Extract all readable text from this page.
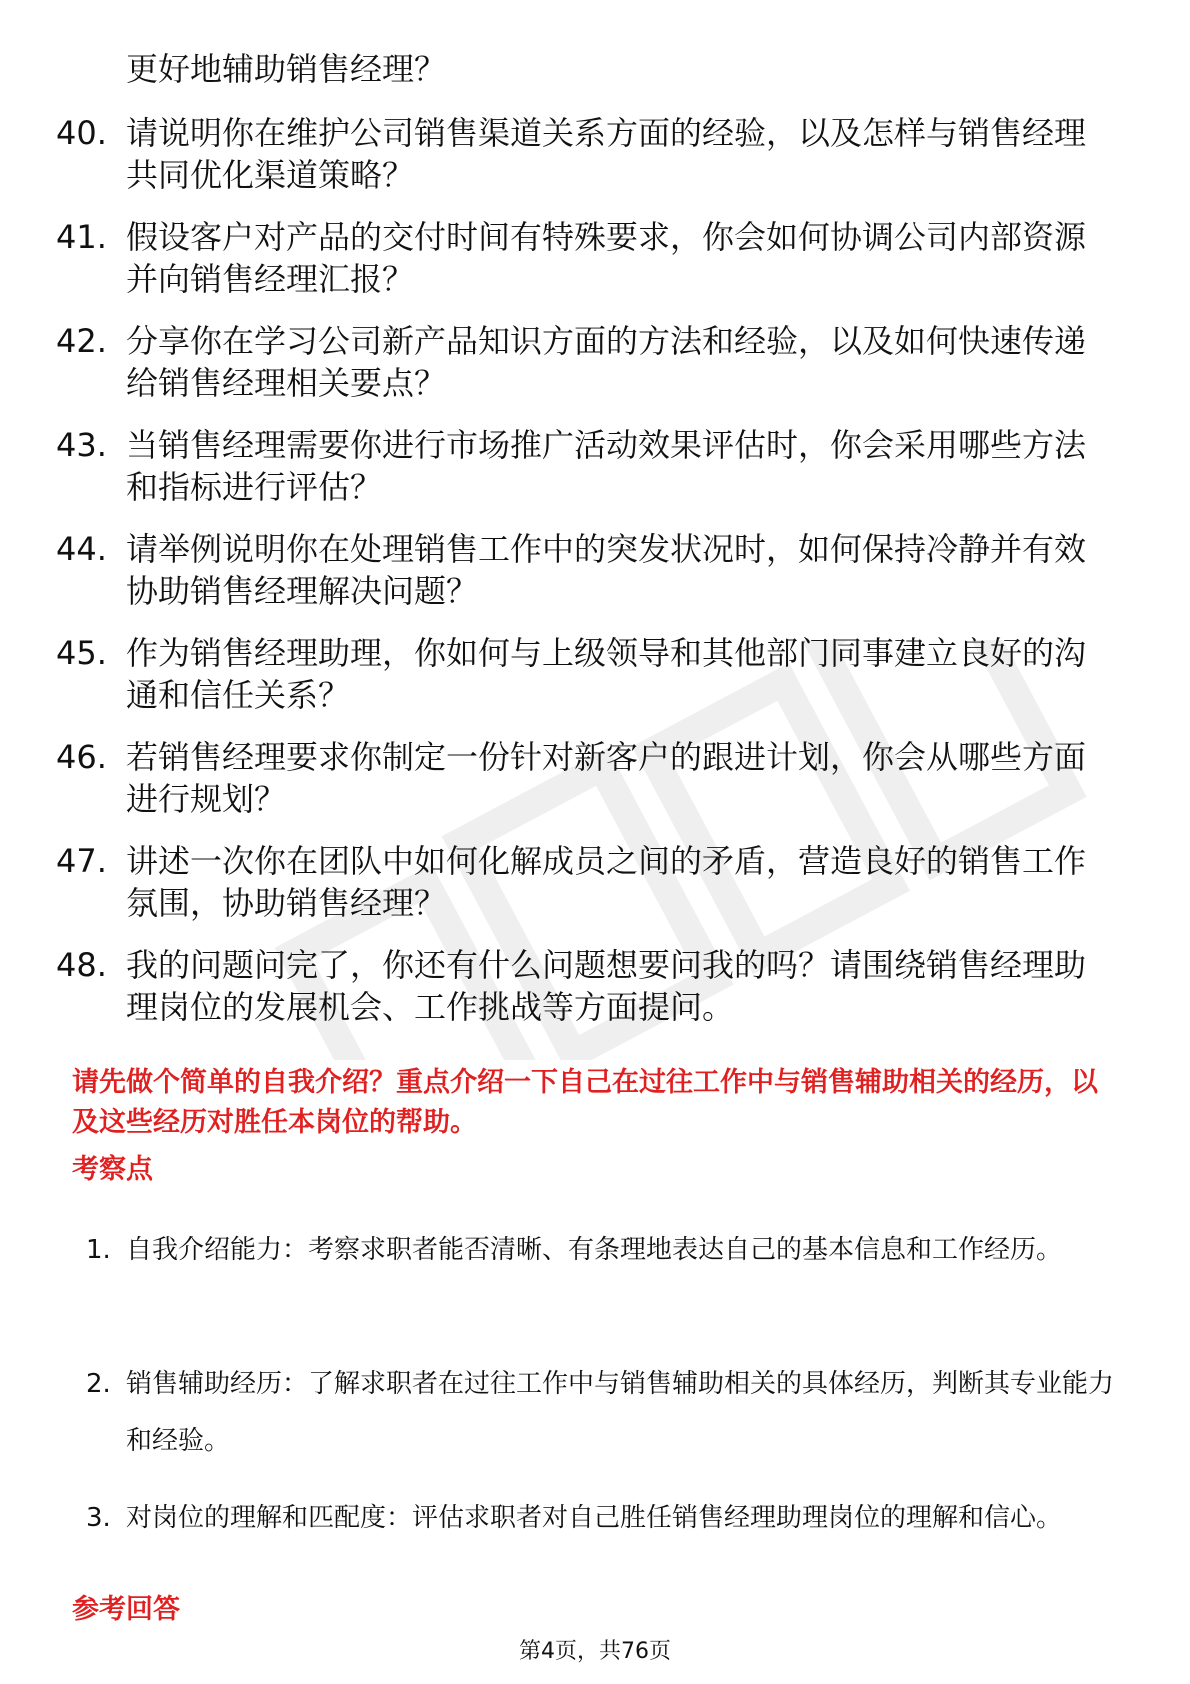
更好地辅助销售经理？

40. 请说明你在维护公司销售渠道关系方面的经验，以及怎样与销售经理共同优化渠道策略？

41. 假设客户对产品的交付时间有特殊要求，你会如何协调公司内部资源并向销售经理汇报？

42. 分享你在学习公司新产品知识方面的方法和经验，以及如何快速传递给销售经理相关要点？

43. 当销售经理需要你进行市场推广活动效果评估时，你会采用哪些方法和指标进行评估？

44. 请举例说明你在处理销售工作中的突发状况时，如何保持冷静并有效协助销售经理解决问题？

45. 作为销售经理助理，你如何与上级领导和其他部门同事建立良好的沟通和信任关系？

46. 若销售经理要求你制定一份针对新客户的跟进计划，你会从哪些方面进行规划？

47. 讲述一次你在团队中如何化解成员之间的矛盾，营造良好的销售工作氛围，协助销售经理？

48. 我的问题问完了，你还有什么问题想要问我的吗？请围绕销售经理助理岗位的发展机会、工作挑战等方面提问。

请先做个简单的自我介绍？重点介绍一下自己在过往工作中与销售辅助相关的经历，以及这些经历对胜任本岗位的帮助。

考察点
1. 自我介绍能力：考察求职者能否清晰、有条理地表达自己的基本信息和工作经历。

2. 销售辅助经历：了解求职者在过往工作中与销售辅助相关的具体经历，判断其专业能力和经验。

3. 对岗位的理解和匹配度：评估求职者对自己胜任销售经理助理岗位的理解和信心。

参考回答
第4页，共76页
